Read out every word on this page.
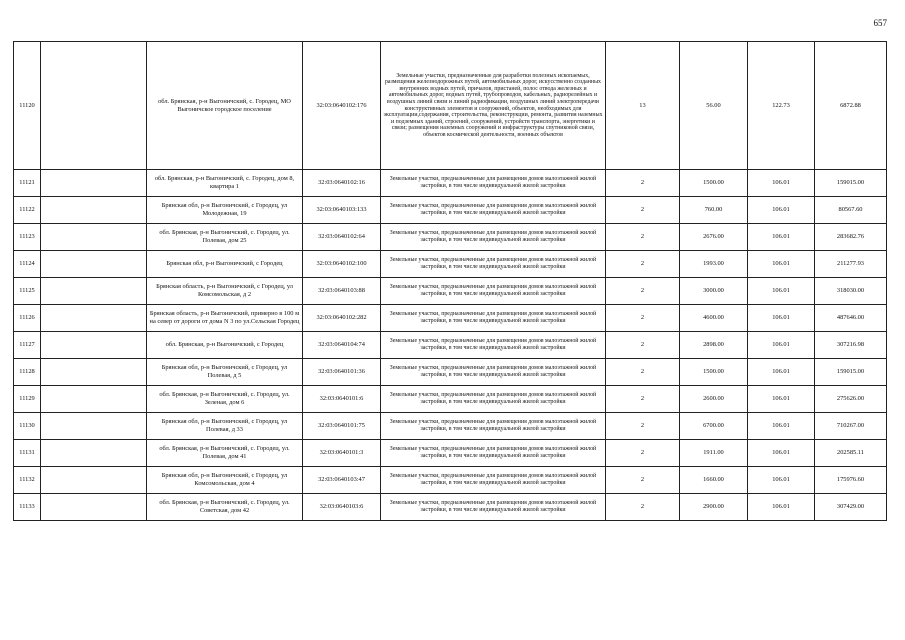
657
11120		обл. Брянская, р-н Выгоничский, с. Городец, МО Выгоничское городское поселение	32:03:0640102:176	Земельные участки, предназначенные для разработки полезных ископаемых, размещения железнодорожных путей, автомобильных дорог, искусственно созданных внутренних водных путей, причалов, пристаней, полос отвода железных и автомобильных дорог, водных путей, трубопроводов, кабельных, радиорелейных и воздушных линий связи и линий радиофикации, воздушных линий электропередачи конструктивных элементов и сооружений, объектов, необходимых для эксплуатации,содержания, строительства, реконструкции, ремонта, развития наземных и подземных зданий, строений, сооружений, устройств транспорта, энергетики и связи; размещения наземных сооружений и инфраструктуры спутниковой связи, объектов космической деятельности, военных объектов	13	56.00	122.73	6872.88
11121		обл. Брянская, р-н Выгоничский, с. Городец, дом 8, квартира 1	32:03:0640102:16	Земельные участки, предназначенные для размещения домов малоэтажной жилой застройки, в том числе индивидуальной жилой застройки	2	1500.00	106.01	159015.00
11122		Брянская обл, р-н Выгоничский, с Городец, ул Молодежная, 19	32:03:0640103:133	Земельные участки, предназначенные для размещения домов малоэтажной жилой застройки, в том числе индивидуальной жилой застройки	2	760.00	106.01	80567.60
11123		обл. Брянская, р-н Выгоничский, с. Городец, ул. Полевая, дом 25	32:03:0640102:64	Земельные участки, предназначенные для размещения домов малоэтажной жилой застройки, в том числе индивидуальной жилой застройки	2	2676.00	106.01	283682.76
11124		Брянская обл, р-н Выгоничский, с Городец	32:03:0640102:100	Земельные участки, предназначенные для размещения домов малоэтажной жилой застройки, в том числе индивидуальной жилой застройки	2	1993.00	106.01	211277.93
11125		Брянская область, р-н Выгоничский, с Городец, ул Комсомольская, д 2	32:03:0640103:88	Земельные участки, предназначенные для размещения домов малоэтажной жилой застройки, в том числе индивидуальной жилой застройки	2	3000.00	106.01	318030.00
11126		Брянская область, р-н Выгоничский, примерно в 100 м на север от дороги от дома N 3 по ул.Сельская Городец	32:03:0640102:282	Земельные участки, предназначенные для размещения домов малоэтажной жилой застройки, в том числе индивидуальной жилой застройки	2	4600.00	106.01	487646.00
11127		обл. Брянская, р-н Выгоничский, с Городец	32:03:0640104:74	Земельные участки, предназначенные для размещения домов малоэтажной жилой застройки, в том числе индивидуальной жилой застройки	2	2898.00	106.01	307216.98
11128		Брянская обл, р-н Выгоничский, с Городец, ул Полевая, д 5	32:03:0640101:36	Земельные участки, предназначенные для размещения домов малоэтажной жилой застройки, в том числе индивидуальной жилой застройки	2	1500.00	106.01	159015.00
11129		обл. Брянская, р-н Выгоничский, с. Городец, ул. Зеленая, дом 6	32:03:0640101:6	Земельные участки, предназначенные для размещения домов малоэтажной жилой застройки, в том числе индивидуальной жилой застройки	2	2600.00	106.01	275626.00
11130		Брянская обл, р-н Выгоничский, с Городец, ул Полевая, д 33	32:03:0640101:75	Земельные участки, предназначенные для размещения домов малоэтажной жилой застройки, в том числе индивидуальной жилой застройки	2	6700.00	106.01	710267.00
11131		обл. Брянская, р-н Выгоничский, с. Городец, ул. Полевая, дом 41	32:03:0640101:3	Земельные участки, предназначенные для размещения домов малоэтажной жилой застройки, в том числе индивидуальной жилой застройки	2	1911.00	106.01	202585.11
11132		Брянская обл, р-н Выгоничский, с Городец, ул Комсомольская, дом 4	32:03:0640103:47	Земельные участки, предназначенные для размещения домов малоэтажной жилой застройки, в том числе индивидуальной жилой застройки	2	1660.00	106.01	175976.60
11133		обл. Брянская, р-н Выгоничский, с. Городец, ул. Советская, дом 42	32:03:0640103:6	Земельные участки, предназначенные для размещения домов малоэтажной жилой застройки, в том числе индивидуальной жилой застройки	2	2900.00	106.01	307429.00
